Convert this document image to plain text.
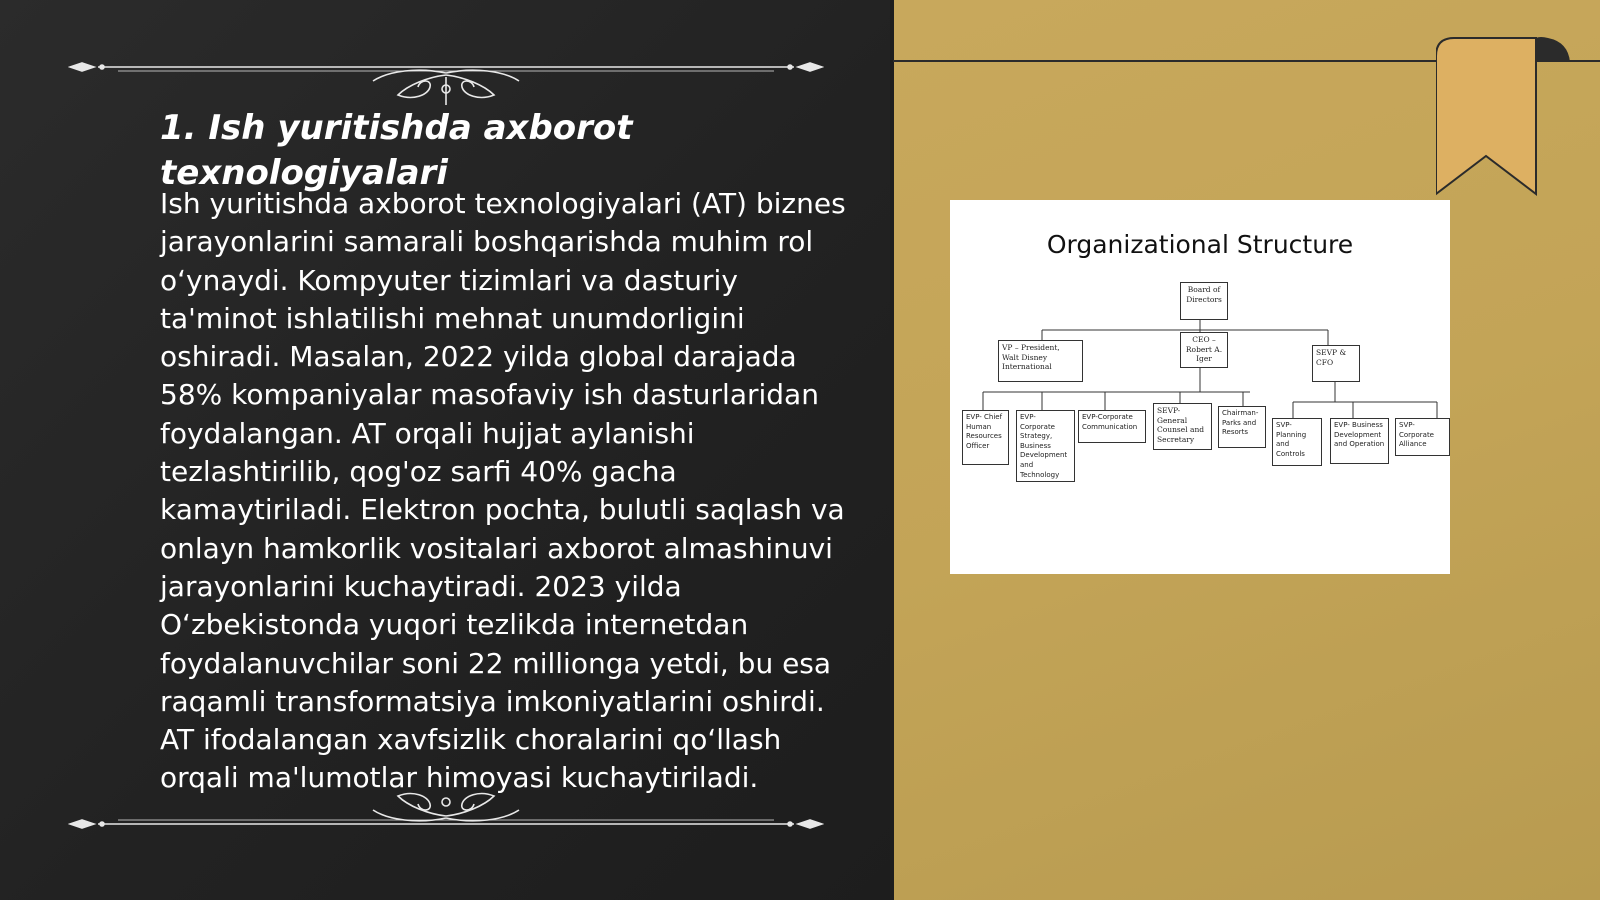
1. Ish yuritishda axborot texnologiyalari

Ish yuritishda axborot texnologiyalari (AT) biznes jarayonlarini samarali boshqarishda muhim rol oʻynaydi. Kompyuter tizimlari va dasturiy ta'minot ishlatilishi mehnat unumdorligini oshiradi. Masalan, 2022 yilda global darajada 58% kompaniyalar masofaviy ish dasturlaridan foydalangan. AT orqali hujjat aylanishi tezlashtirilib, qog'oz sarfi 40% gacha kamaytiriladi. Elektron pochta, bulutli saqlash va onlayn hamkorlik vositalari axborot almashinuvi jarayonlarini kuchaytiradi. 2023 yilda Oʻzbekistonda yuqori tezlikda internetdan foydalanuvchilar soni 22 millionga yetdi, bu esa raqamli transformatsiya imkoniyatlarini oshirdi. AT ifodalangan xavfsizlik choralarini qoʻllash orqali ma'lumotlar himoyasi kuchaytiriladi.

Organizational Structure
Board of Directors
VP – President, Walt Disney International
CEO – Robert A. Iger
SEVP & CFO
EVP- Chief Human Resources Officer
EVP- Corporate Strategy, Business Development and Technology
EVP-Corporate Communication
SEVP- General Counsel and Secretary
Chairman- Parks and Resorts
SVP- Planning and Controls
EVP- Business Development and Operation
SVP- Corporate Alliance
